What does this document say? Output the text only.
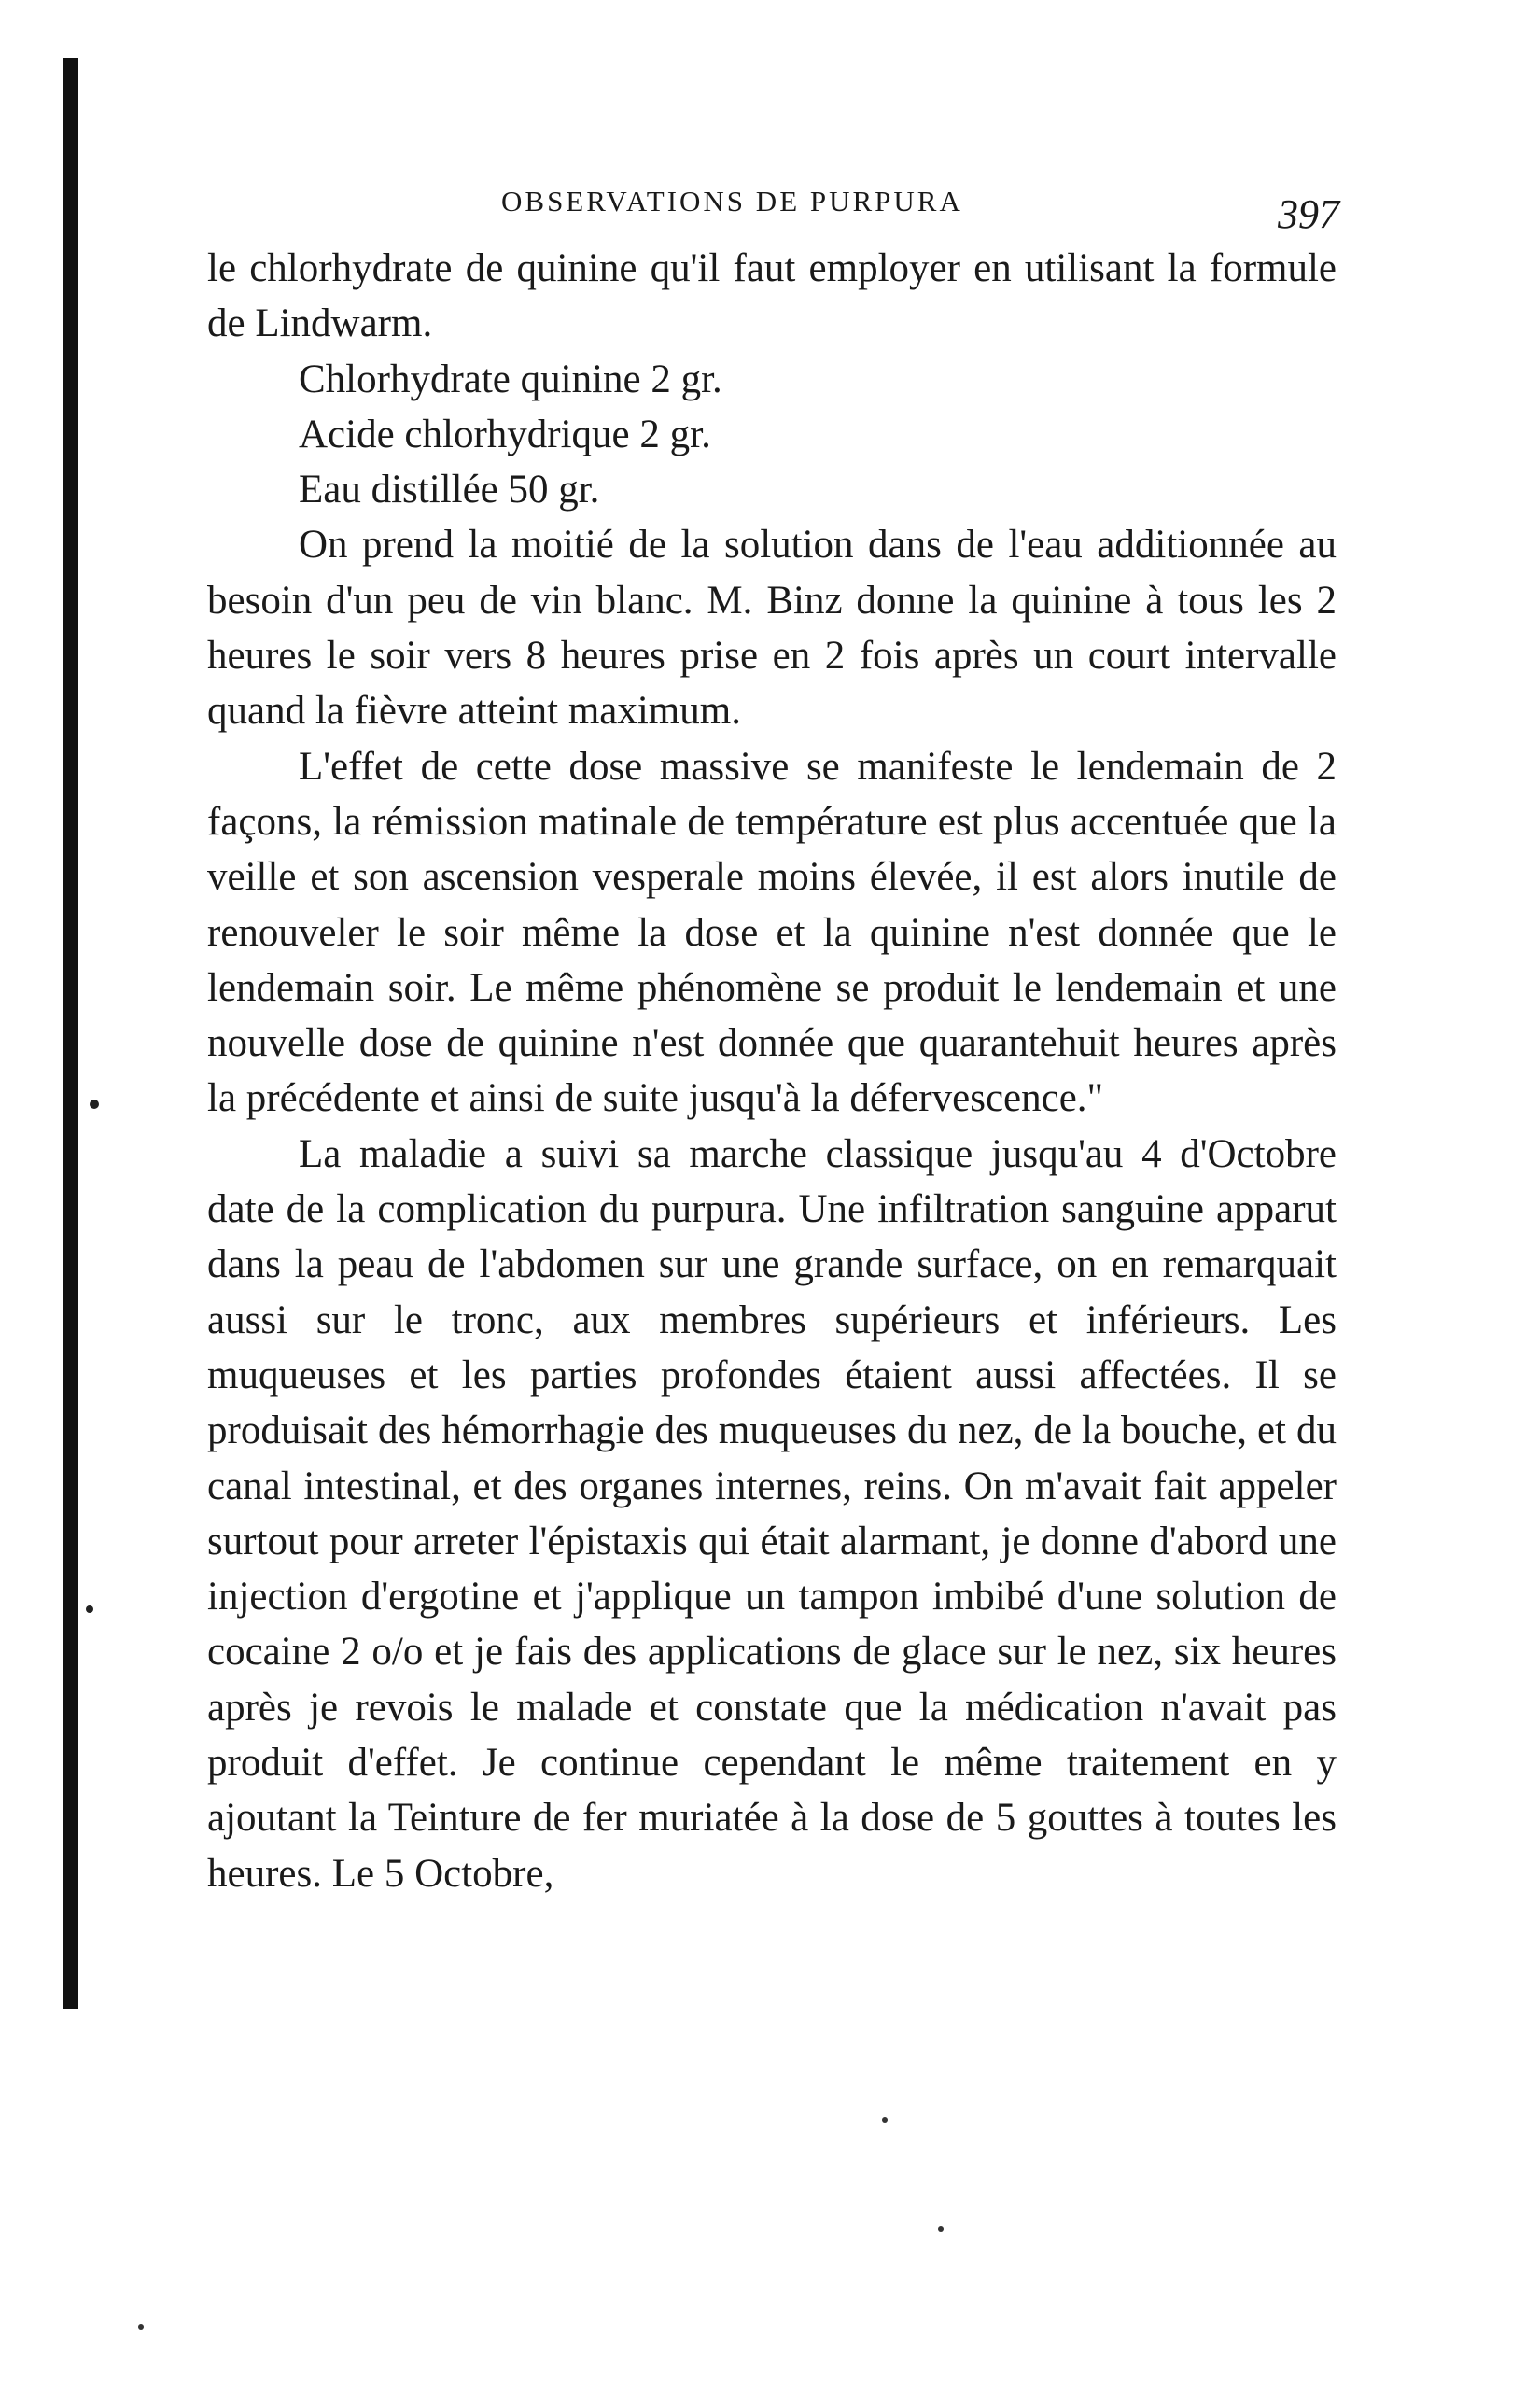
OBSERVATIONS DE PURPURA	397

le chlorhydrate de quinine qu'il faut employer en utilisant la formule de Lindwarm.

Chlorhydrate quinine 2 gr.

Acide chlorhydrique 2 gr.

Eau distillée 50 gr.

On prend la moitié de la solution dans de l'eau additionnée au besoin d'un peu de vin blanc. M. Binz donne la quinine à tous les 2 heures le soir vers 8 heures prise en 2 fois après un court intervalle quand la fièvre atteint maximum.

L'effet de cette dose massive se manifeste le lendemain de 2 façons, la rémission matinale de température est plus accentuée que la veille et son ascension vesperale moins élevée, il est alors inutile de renouveler le soir même la dose et la quinine n'est donnée que le lendemain soir. Le même phénomène se produit le lendemain et une nouvelle dose de quinine n'est donnée que quarantehuit heures après la précédente et ainsi de suite jusqu'à la défervescence."

La maladie a suivi sa marche classique jusqu'au 4 d'Octobre date de la complication du purpura. Une infiltration sanguine apparut dans la peau de l'abdomen sur une grande surface, on en remarquait aussi sur le tronc, aux membres supérieurs et inférieurs. Les muqueuses et les parties profondes étaient aussi affectées. Il se produisait des hémorrhagie des muqueuses du nez, de la bouche, et du canal intestinal, et des organes internes, reins. On m'avait fait appeler surtout pour arreter l'épistaxis qui était alarmant, je donne d'abord une injection d'ergotine et j'applique un tampon imbibé d'une solution de cocaine 2 o/o et je fais des applications de glace sur le nez, six heures après je revois le malade et constate que la médication n'avait pas produit d'effet. Je continue cependant le même traitement en y ajoutant la Teinture de fer muriatée à la dose de 5 gouttes à toutes les heures. Le 5 Octobre,
